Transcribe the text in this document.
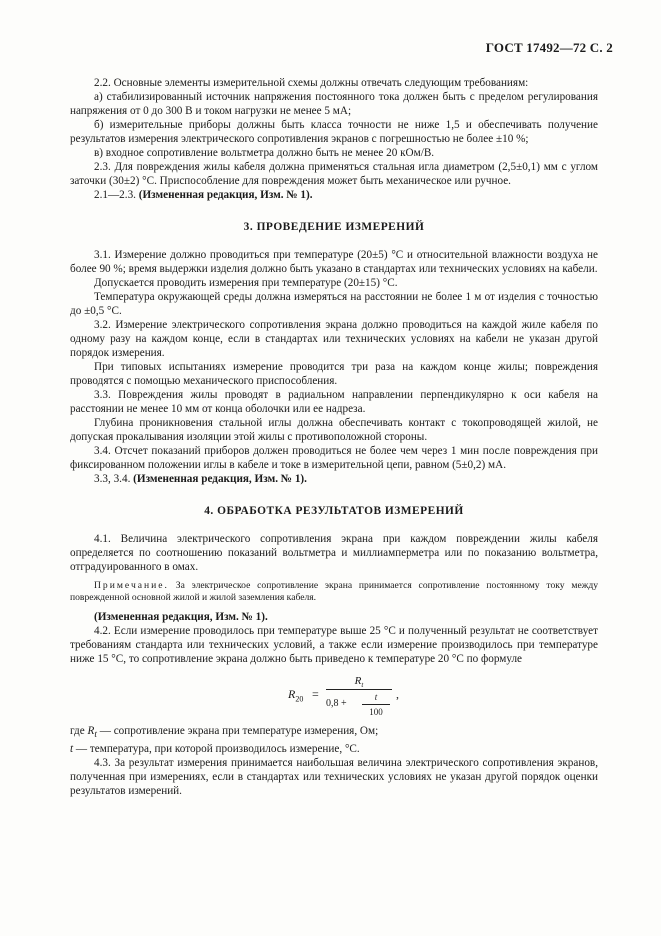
ГОСТ 17492—72 С. 2

2.2. Основные элементы измерительной схемы должны отвечать следующим требованиям:

а) стабилизированный источник напряжения постоянного тока должен быть с пределом регулирования напряжения от 0 до 300 В и током нагрузки не менее 5 мА;

б) измерительные приборы должны быть класса точности не ниже 1,5 и обеспечивать получение результатов измерения электрического сопротивления экранов с погрешностью не более ±10 %;

в) входное сопротивление вольтметра должно быть не менее 20 кОм/В.

2.3. Для повреждения жилы кабеля должна применяться стальная игла диаметром (2,5±0,1) мм с углом заточки (30±2) °С. Приспособление для повреждения может быть механическое или ручное.

2.1—2.3. (Измененная редакция, Изм. № 1).

3. ПРОВЕДЕНИЕ ИЗМЕРЕНИЙ

3.1. Измерение должно проводиться при температуре (20±5) °С и относительной влажности воздуха не более 90 %; время выдержки изделия должно быть указано в стандартах или технических условиях на кабели.

Допускается проводить измерения при температуре (20±15) °С.

Температура окружающей среды должна измеряться на расстоянии не более 1 м от изделия с точностью до ±0,5 °С.

3.2. Измерение электрического сопротивления экрана должно проводиться на каждой жиле кабеля по одному разу на каждом конце, если в стандартах или технических условиях на кабели не указан другой порядок измерения.

При типовых испытаниях измерение проводится три раза на каждом конце жилы; повреждения проводятся с помощью механического приспособления.

3.3. Повреждения жилы проводят в радиальном направлении перпендикулярно к оси кабеля на расстоянии не менее 10 мм от конца оболочки или ее надреза.

Глубина проникновения стальной иглы должна обеспечивать контакт с токопроводящей жилой, не допуская прокалывания изоляции этой жилы с противоположной стороны.

3.4. Отсчет показаний приборов должен проводиться не более чем через 1 мин после повреждения при фиксированном положении иглы в кабеле и токе в измерительной цепи, равном (5±0,2) мА.

3.3, 3.4. (Измененная редакция, Изм. № 1).

4. ОБРАБОТКА РЕЗУЛЬТАТОВ ИЗМЕРЕНИЙ

4.1. Величина электрического сопротивления экрана при каждом повреждении жилы кабеля определяется по соотношению показаний вольтметра и миллиамперметра или по показанию вольтметра, отградуированного в омах.

Примечание. За электрическое сопротивление экрана принимается сопротивление постоянному току между поврежденной основной жилой и жилой заземления кабеля.

(Измененная редакция, Изм. № 1).

4.2. Если измерение проводилось при температуре выше 25 °С и полученный результат не соответствует требованиям стандарта или технических условий, а также если измерение производилось при температуре ниже 15 °С, то сопротивление экрана должно быть приведено к температуре 20 °С по формуле

$R_{20}$ =
$R_t$
0,8 +
t
100
,

где $R_t$ — сопротивление экрана при температуре измерения, Ом;

t — температура, при которой производилось измерение, °С.

4.3. За результат измерения принимается наибольшая величина электрического сопротивления экранов, полученная при измерениях, если в стандартах или технических условиях не указан другой порядок оценки результатов измерений.
